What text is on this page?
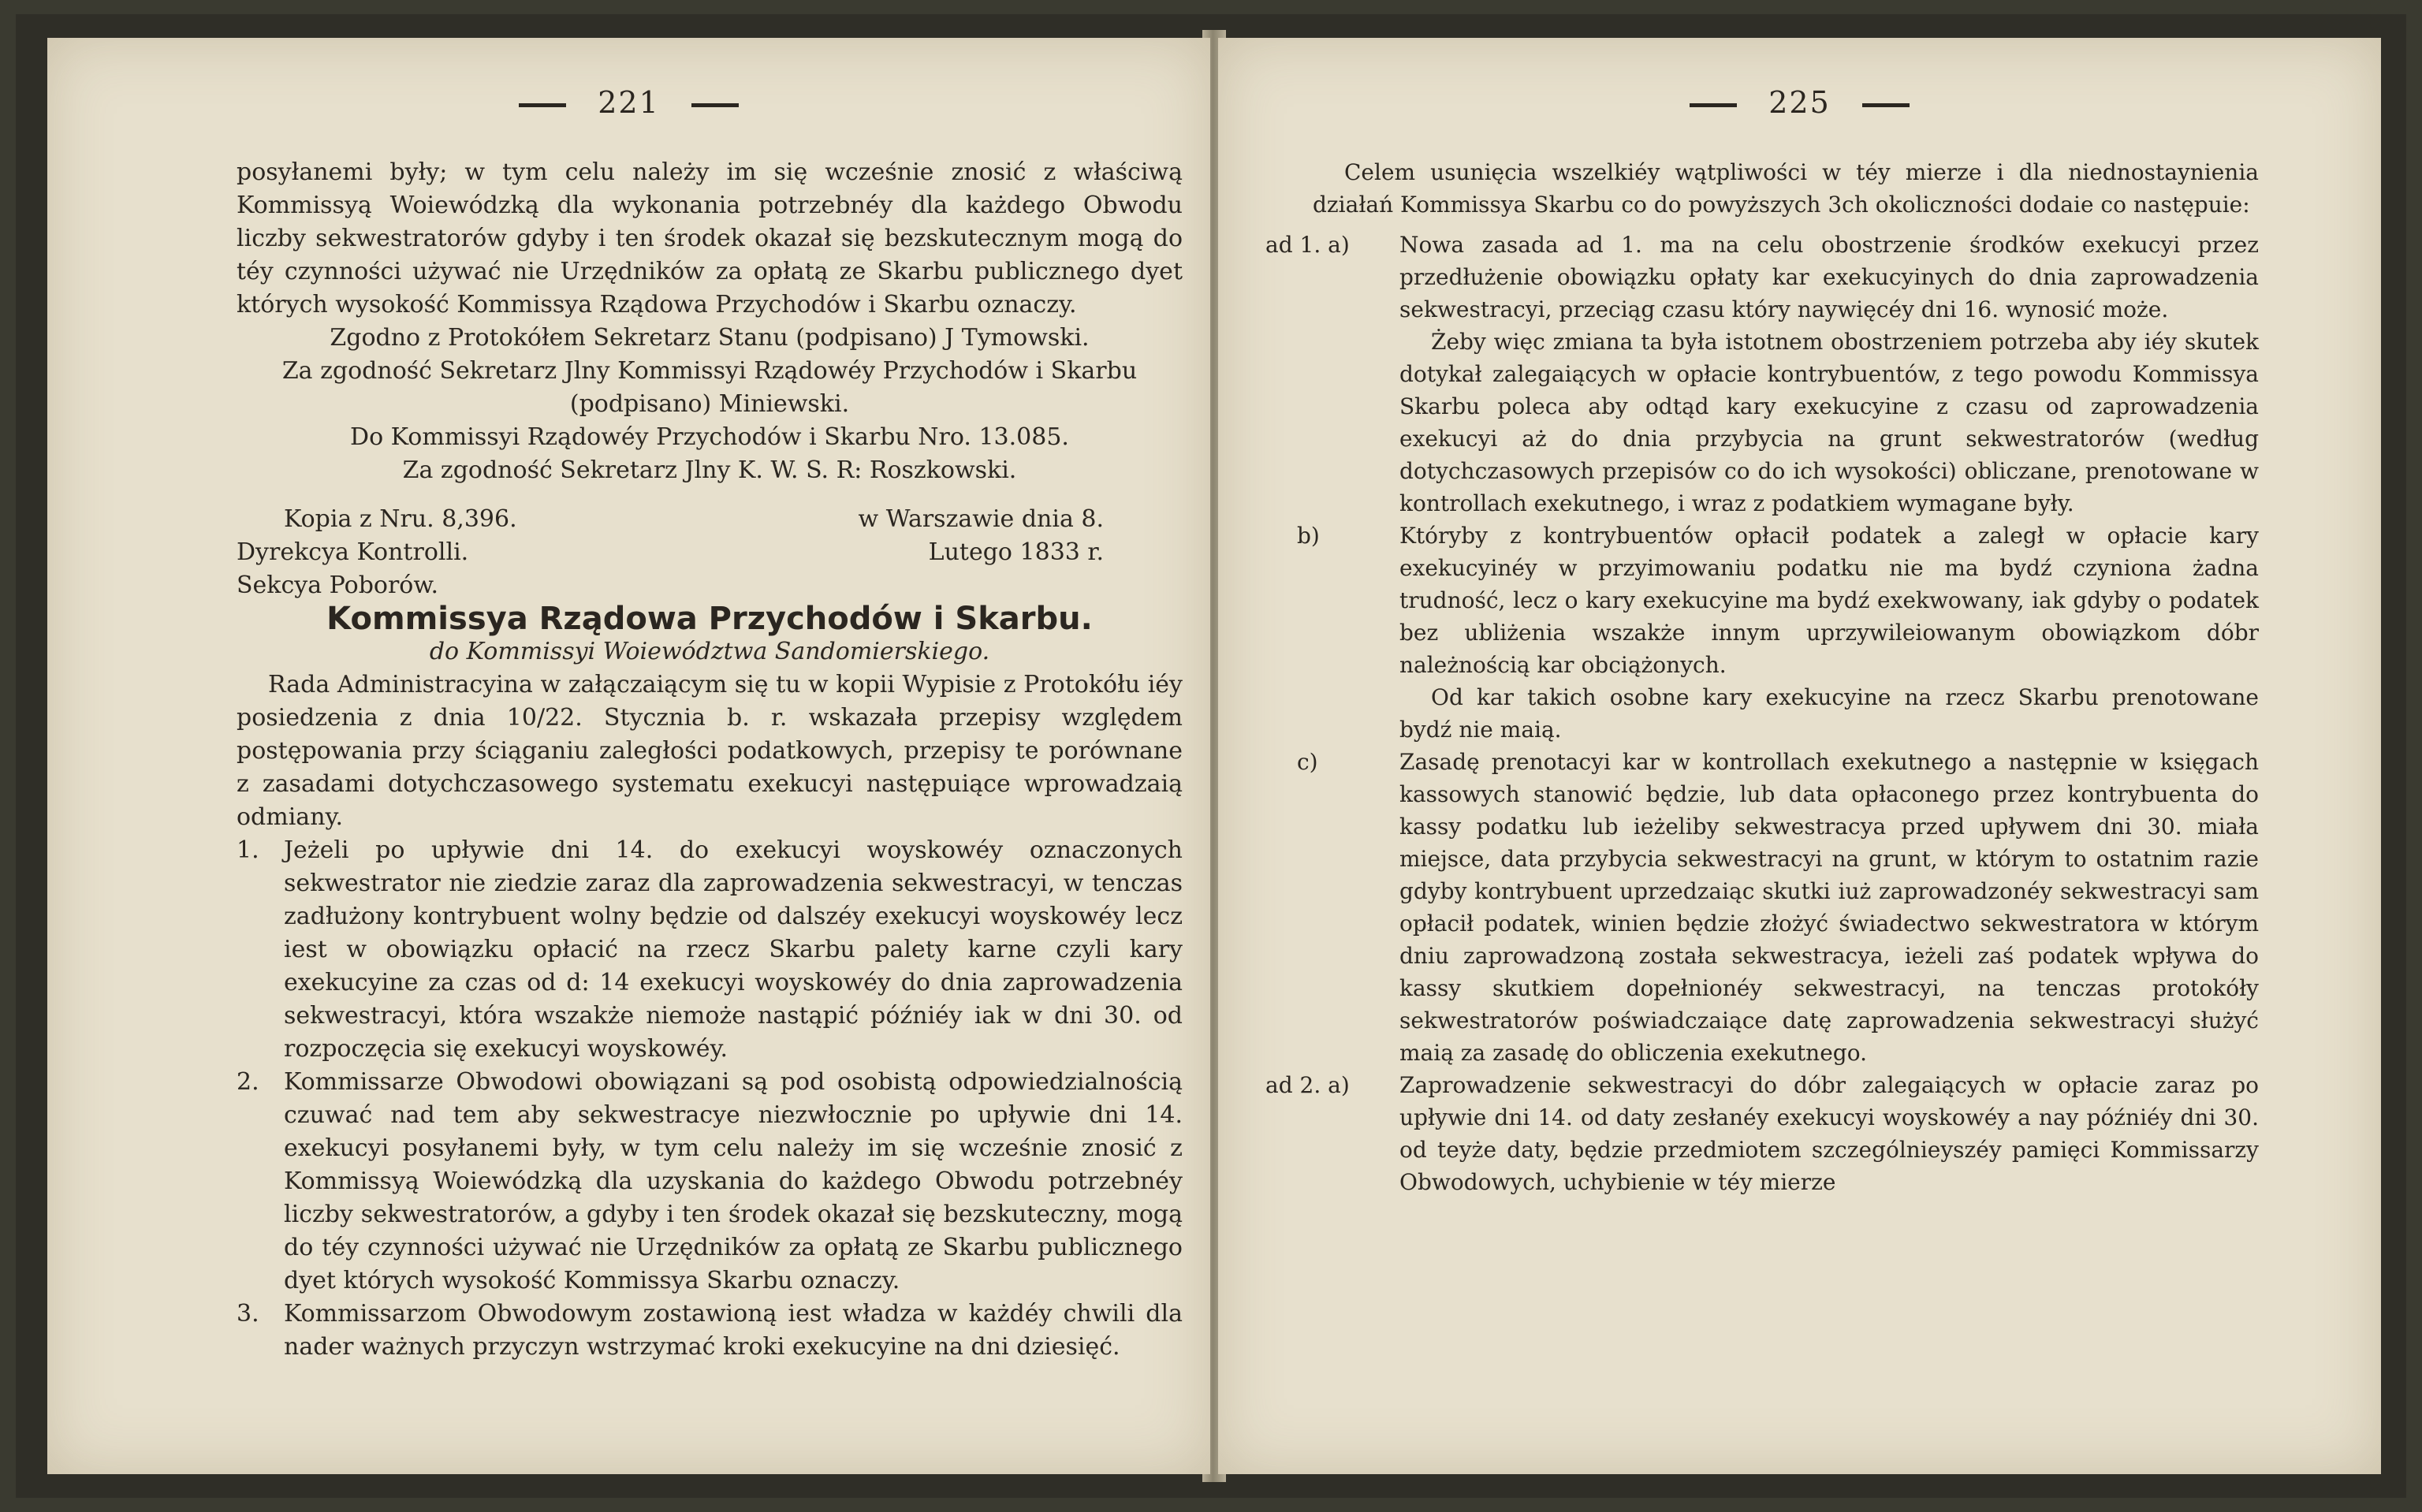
221

posyłanemi były; w tym celu należy im się wcześnie znosić z właściwą Kommissyą Woiewódzką dla wykonania potrzebnéy dla każdego Obwodu liczby sekwestratorów gdyby i ten środek okazał się bezskutecznym mogą do téy czynności używać nie Urzędników za opłatą ze Skarbu publicznego dyet których wysokość Kommissya Rządowa Przychodów i Skarbu oznaczy.

Zgodno z Protokółem Sekretarz Stanu (podpisano) J Tymowski.

Za zgodność Sekretarz Jlny Kommissyi Rządowéy Przychodów i Skarbu

(podpisano) Miniewski.

Do Kommissyi Rządowéy Przychodów i Skarbu Nro. 13.085.

Za zgodność Sekretarz Jlny K. W. S. R: Roszkowski.

Kopia z Nru. 8,396.	w Warszawie dnia 8.
Dyrekcya Kontrolli.	Lutego 1833 r.

Sekcya Poborów.

Kommissya Rządowa Przychodów i Skarbu.

do Kommissyi Woiewództwa Sandomierskiego.

Rada Administracyina w załączaiącym się tu w kopii Wypisie z Protokółu iéy posiedzenia z dnia 10/22. Stycznia b. r. wskazała przepisy względem postępowania przy ściąganiu zaległości podatkowych, przepisy te porównane z zasadami dotychczasowego systematu exekucyi następuiące wprowadzaią odmiany.

1.	Jeżeli po upływie dni 14. do exekucyi woyskowéy oznaczonych sekwestrator nie ziedzie zaraz dla zaprowadzenia sekwestracyi, w tenczas zadłużony kontrybuent wolny będzie od dalszéy exekucyi woyskowéy lecz iest w obowiązku opłacić na rzecz Skarbu palety karne czyli kary exekucyine za czas od d: 14 exekucyi woyskowéy do dnia zaprowadzenia sekwestracyi, która wszakże niemoże nastąpić późniéy iak w dni 30. od rozpoczęcia się exekucyi woyskowéy.
2.	Kommissarze Obwodowi obowiązani są pod osobistą odpowiedzialnością czuwać nad tem aby sekwestracye niezwłocznie po upływie dni 14. exekucyi posyłanemi były, w tym celu należy im się wcześnie znosić z Kommissyą Woiewódzką dla uzyskania do każdego Obwodu potrzebnéy liczby sekwestratorów, a gdyby i ten środek okazał się bezskuteczny, mogą do téy czynności używać nie Urzędników za opłatą ze Skarbu publicznego dyet których wysokość Kommissya Skarbu oznaczy.
3.	Kommissarzom Obwodowym zostawioną iest władza w każdéy chwili dla nader ważnych przyczyn wstrzymać kroki exekucyine na dni dziesięć.
225

Celem usunięcia wszelkiéy wątpliwości w téy mierze i dla niednostaynienia działań Kommissya Skarbu co do powyższych 3ch okoliczności dodaie co następuie:

ad 1. a)	Nowa zasada ad 1. ma na celu obostrzenie środków exekucyi przez przedłużenie obowiązku opłaty kar exekucyinych do dnia zaprowadzenia sekwestracyi, przeciąg czasu który naywięcéy dni 16. wynosić może.

Żeby więc zmiana ta była istotnem obostrzeniem potrzeba aby iéy skutek dotykał zalegaiących w opłacie kontrybuentów, z tego powodu Kommissya Skarbu poleca aby odtąd kary exekucyine z czasu od zaprowadzenia exekucyi aż do dnia przybycia na grunt sekwestratorów (według dotychczasowych przepisów co do ich wysokości) obliczane, prenotowane w kontrollach exekutnego, i wraz z podatkiem wymagane były.

b)	Któryby z kontrybuentów opłacił podatek a zaległ w opłacie kary exekucyinéy w przyimowaniu podatku nie ma bydź czyniona żadna trudność, lecz o kary exekucyine ma bydź exekwowany, iak gdyby o podatek bez ubliżenia wszakże innym uprzywileiowanym obowiązkom dóbr należnością kar obciążonych.

Od kar takich osobne kary exekucyine na rzecz Skarbu prenotowane bydź nie maią.

c)	Zasadę prenotacyi kar w kontrollach exekutnego a następnie w księgach kassowych stanowić będzie, lub data opłaconego przez kontrybuenta do kassy podatku lub ieżeliby sekwestracya przed upływem dni 30. miała miejsce, data przybycia sekwestracyi na grunt, w którym to ostatnim razie gdyby kontrybuent uprzedzaiąc skutki iuż zaprowadzonéy sekwestracyi sam opłacił podatek, winien będzie złożyć świadectwo sekwestratora w którym dniu zaprowadzoną została sekwestracya, ieżeli zaś podatek wpływa do kassy skutkiem dopełnionéy sekwestracyi, na tenczas protokóły sekwestratorów poświadczaiące datę zaprowadzenia sekwestracyi służyć maią za zasadę do obliczenia exekutnego.

ad 2. a)	Zaprowadzenie sekwestracyi do dóbr zalegaiących w opłacie zaraz po upływie dni 14. od daty zesłanéy exekucyi woyskowéy a nay późniéy dni 30. od teyże daty, będzie przedmiotem szczególnieyszéy pamięci Kommissarzy Obwodowych, uchybienie w téy mierze
